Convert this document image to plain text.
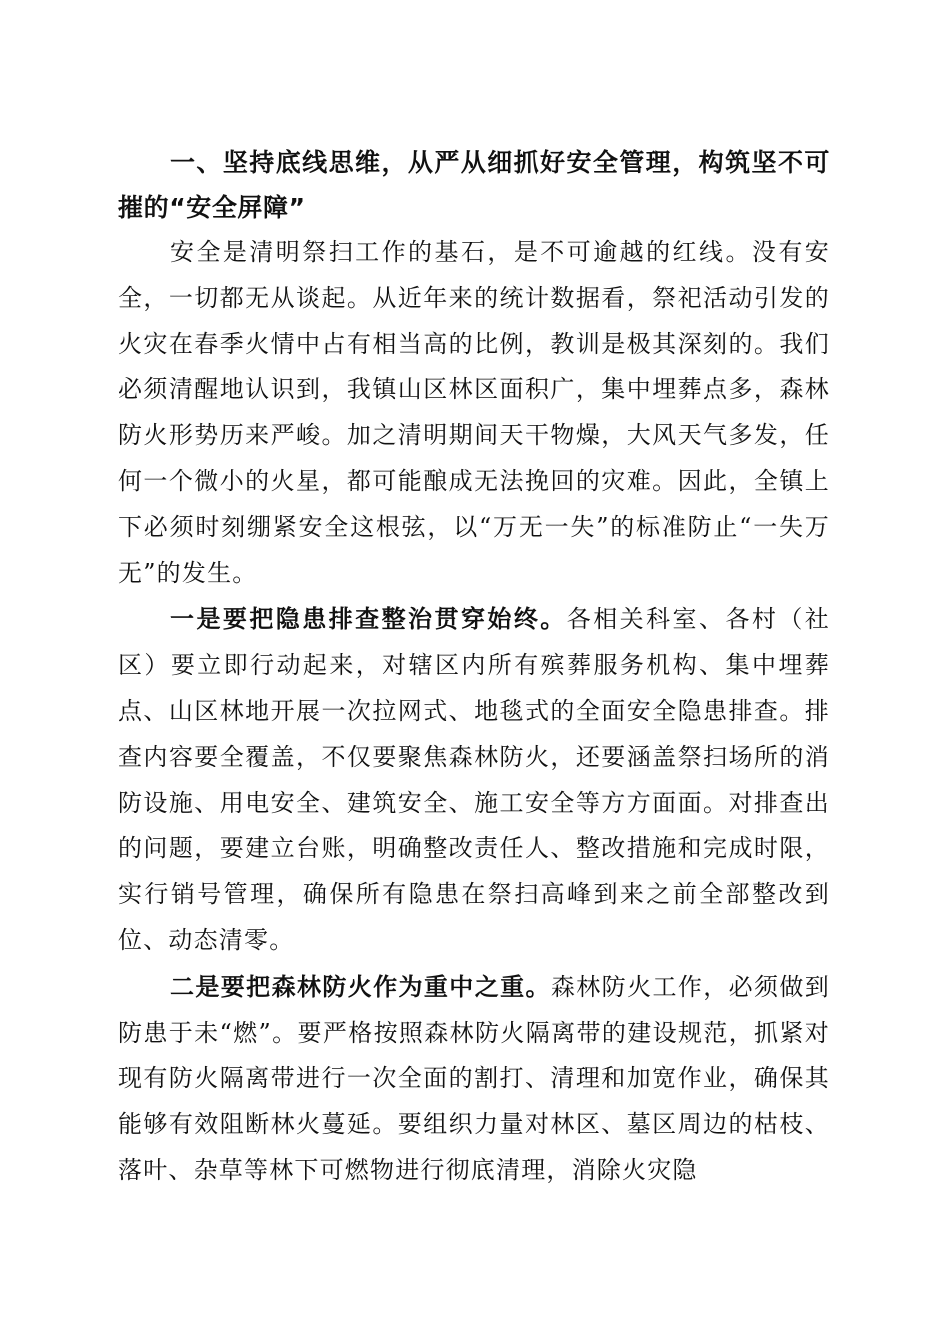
一、坚持底线思维，从严从细抓好安全管理，构筑坚不可摧的“安全屏障”

安全是清明祭扫工作的基石，是不可逾越的红线。没有安全，一切都无从谈起。从近年来的统计数据看，祭祀活动引发的火灾在春季火情中占有相当高的比例，教训是极其深刻的。我们必须清醒地认识到，我镇山区林区面积广，集中埋葬点多，森林防火形势历来严峻。加之清明期间天干物燥，大风天气多发，任何一个微小的火星，都可能酿成无法挽回的灾难。因此，全镇上下必须时刻绷紧安全这根弦，以“万无一失”的标准防止“一失万无”的发生。

一是要把隐患排查整治贯穿始终。各相关科室、各村（社区）要立即行动起来，对辖区内所有殡葬服务机构、集中埋葬点、山区林地开展一次拉网式、地毯式的全面安全隐患排查。排查内容要全覆盖，不仅要聚焦森林防火，还要涵盖祭扫场所的消防设施、用电安全、建筑安全、施工安全等方方面面。对排查出的问题，要建立台账，明确整改责任人、整改措施和完成时限，实行销号管理，确保所有隐患在祭扫高峰到来之前全部整改到位、动态清零。

二是要把森林防火作为重中之重。森林防火工作，必须做到防患于未“燃”。要严格按照森林防火隔离带的建设规范，抓紧对现有防火隔离带进行一次全面的割打、清理和加宽作业，确保其能够有效阻断林火蔓延。要组织力量对林区、墓区周边的枯枝、落叶、杂草等林下可燃物进行彻底清理，消除火灾隐
